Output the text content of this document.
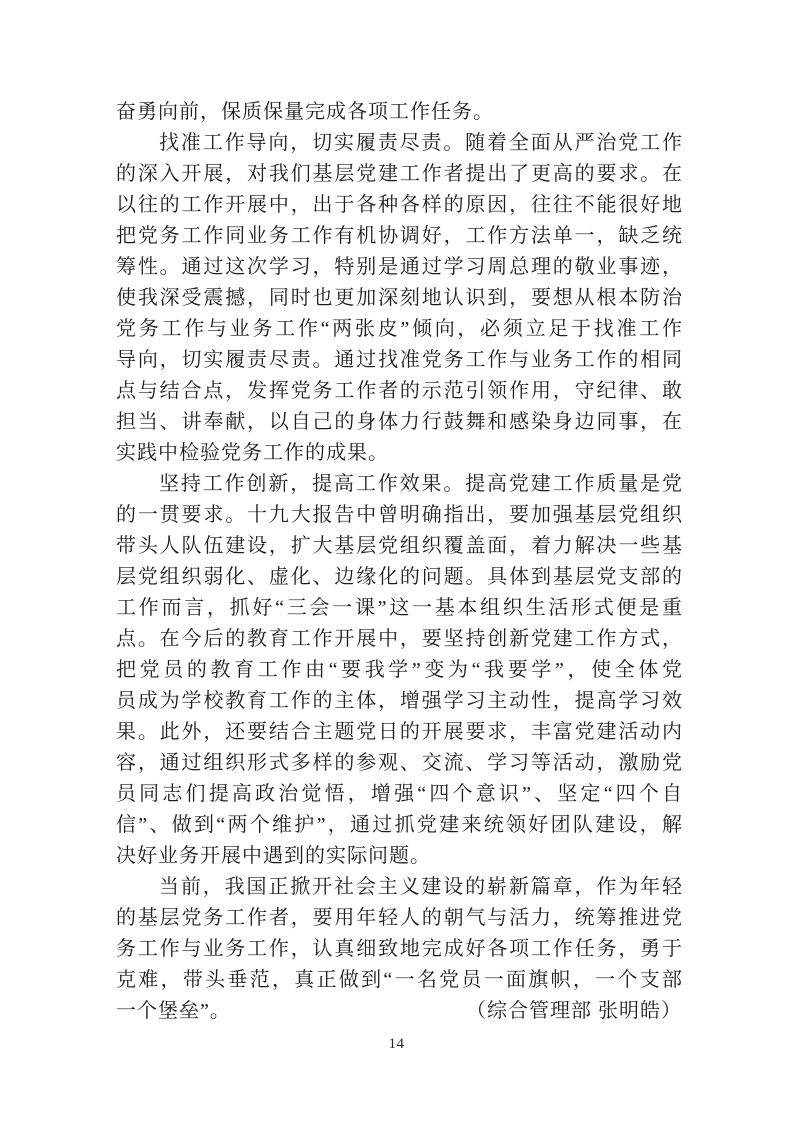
奋勇向前，保质保量完成各项工作任务。
找准工作导向，切实履责尽责。随着全面从严治党工作
的深入开展，对我们基层党建工作者提出了更高的要求。在
以往的工作开展中，出于各种各样的原因，往往不能很好地
把党务工作同业务工作有机协调好，工作方法单一，缺乏统
筹性。通过这次学习，特别是通过学习周总理的敬业事迹，
使我深受震撼，同时也更加深刻地认识到，要想从根本防治
党务工作与业务工作“两张皮”倾向，必须立足于找准工作
导向，切实履责尽责。通过找准党务工作与业务工作的相同
点与结合点，发挥党务工作者的示范引领作用，守纪律、敢
担当、讲奉献，以自己的身体力行鼓舞和感染身边同事，在
实践中检验党务工作的成果。
坚持工作创新，提高工作效果。提高党建工作质量是党
的一贯要求。十九大报告中曾明确指出，要加强基层党组织
带头人队伍建设，扩大基层党组织覆盖面，着力解决一些基
层党组织弱化、虚化、边缘化的问题。具体到基层党支部的
工作而言，抓好“三会一课”这一基本组织生活形式便是重
点。在今后的教育工作开展中，要坚持创新党建工作方式，
把党员的教育工作由“要我学”变为“我要学”，使全体党
员成为学校教育工作的主体，增强学习主动性，提高学习效
果。此外，还要结合主题党日的开展要求，丰富党建活动内
容，通过组织形式多样的参观、交流、学习等活动，激励党
员同志们提高政治觉悟，增强“四个意识”、坚定“四个自
信”、做到“两个维护”，通过抓党建来统领好团队建设，解
决好业务开展中遇到的实际问题。
当前，我国正掀开社会主义建设的崭新篇章，作为年轻
的基层党务工作者，要用年轻人的朝气与活力，统筹推进党
务工作与业务工作，认真细致地完成好各项工作任务，勇于
克难，带头垂范，真正做到“一名党员一面旗帜，一个支部
一个堡垒”。	（综合管理部 张明皓）
14
